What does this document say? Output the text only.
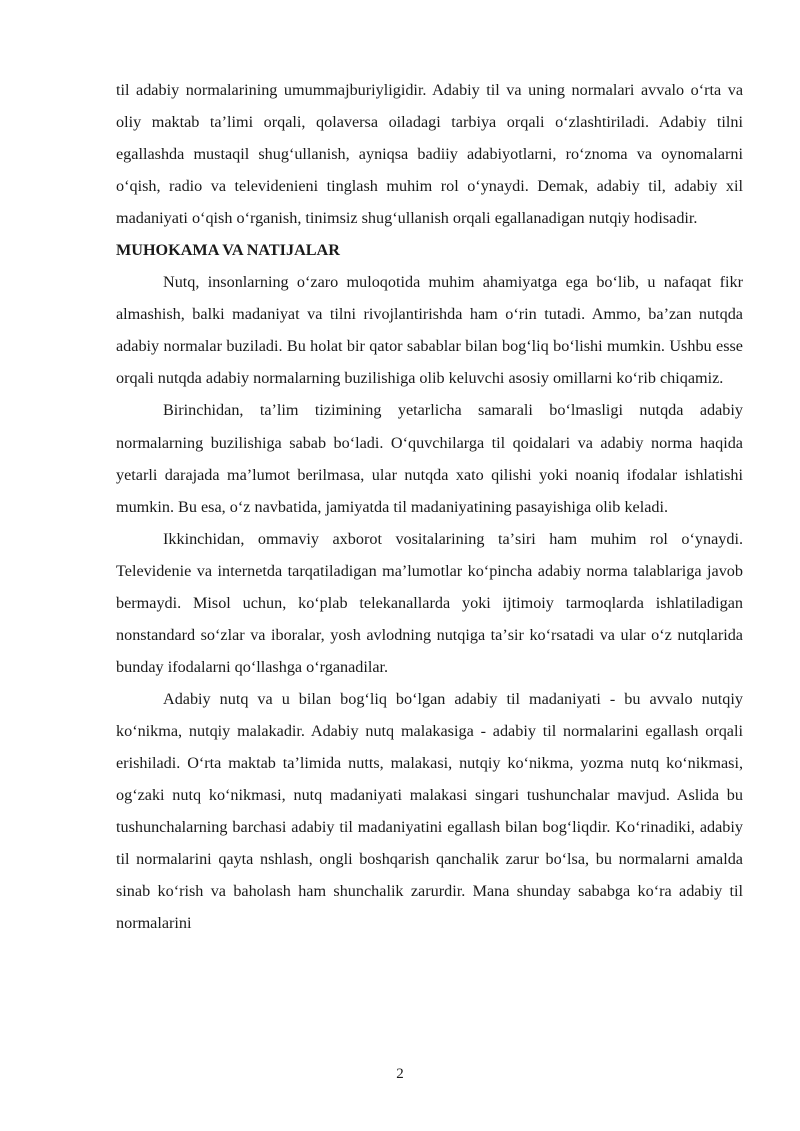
til adabiy normalarining umummajburiyligidir. Adabiy til va uning normalari avvalo oʻrta va oliy maktab taʼlimi orqali, qolaversa oiladagi tarbiya orqali oʻzlashtiriladi. Adabiy tilni egallashda mustaqil shugʻullanish, ayniqsa badiiy adabiyotlarni, roʻznoma va oynomalarni oʻqish, radio va televidenieni tinglash muhim rol oʻynaydi. Demak, adabiy til, adabiy xil madaniyati oʻqish oʻrganish, tinimsiz shugʻullanish orqali egallanadigan nutqiy hodisadir.

MUHOKAMA VA NATIJALAR

Nutq, insonlarning oʻzaro muloqotida muhim ahamiyatga ega boʻlib, u nafaqat fikr almashish, balki madaniyat va tilni rivojlantirishda ham oʻrin tutadi. Ammo, baʼzan nutqda adabiy normalar buziladi. Bu holat bir qator sabablar bilan bogʻliq boʻlishi mumkin. Ushbu esse orqali nutqda adabiy normalarning buzilishiga olib keluvchi asosiy omillarni koʻrib chiqamiz.

Birinchidan, taʼlim tizimining yetarlicha samarali boʻlmasligi nutqda adabiy normalarning buzilishiga sabab boʻladi. Oʻquvchilarga til qoidalari va adabiy norma haqida yetarli darajada maʼlumot berilmasa, ular nutqda xato qilishi yoki noaniq ifodalar ishlatishi mumkin. Bu esa, oʻz navbatida, jamiyatda til madaniyatining pasayishiga olib keladi.

Ikkinchidan, ommaviy axborot vositalarining taʼsiri ham muhim rol oʻynaydi. Televidenie va internetda tarqatiladigan maʼlumotlar koʻpincha adabiy norma talablariga javob bermaydi. Misol uchun, koʻplab telekanallarda yoki ijtimoiy tarmoqlarda ishlatiladigan nonstandard soʻzlar va iboralar, yosh avlodning nutqiga taʼsir koʻrsatadi va ular oʻz nutqlarida bunday ifodalarni qoʻllashga oʻrganadilar.

Adabiy nutq va u bilan bogʻliq boʻlgan adabiy til madaniyati - bu avvalo nutqiy koʻnikma, nutqiy malakadir. Adabiy nutq malakasiga - adabiy til normalarini egallash orqali erishiladi. Oʻrta maktab taʼlimida nutts, malakasi, nutqiy koʻnikma, yozma nutq koʻnikmasi, ogʻzaki nutq koʻnikmasi, nutq madaniyati malakasi singari tushunchalar mavjud. Aslida bu tushunchalarning barchasi adabiy til madaniyatini egallash bilan bogʻliqdir. Koʻrinadiki, adabiy til normalarini qayta nshlash, ongli boshqarish qanchalik zarur boʻlsa, bu normalarni amalda sinab koʻrish va baholash ham shunchalik zarurdir. Mana shunday sababga koʻra adabiy til normalarini

2
